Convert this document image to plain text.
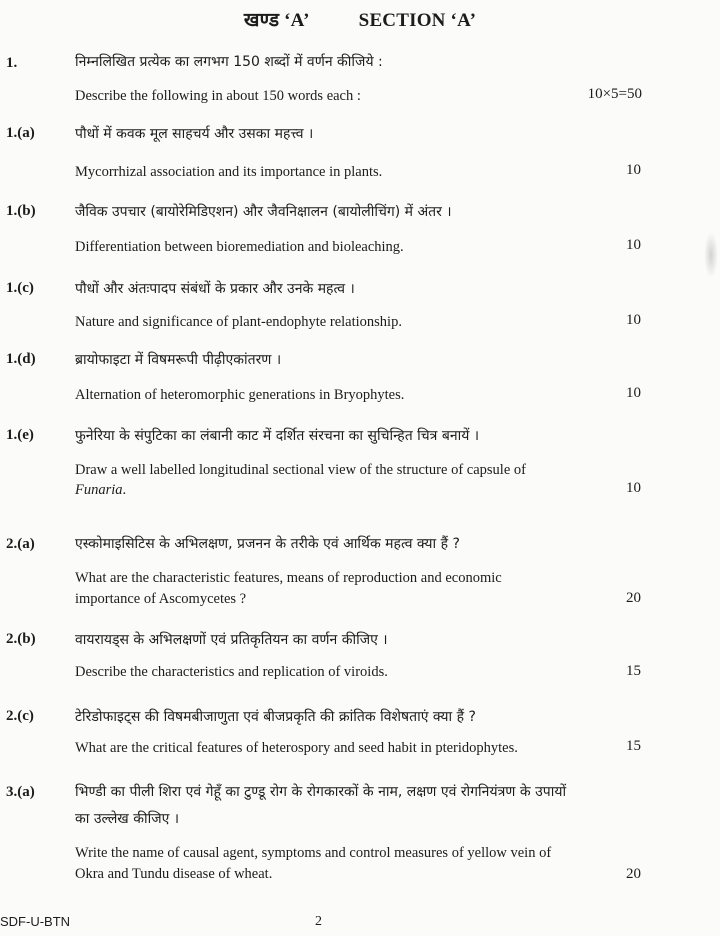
खण्ड ‘A’	SECTION ‘A’
1.	निम्नलिखित प्रत्येक का लगभग 150 शब्दों में वर्णन कीजिये :
Describe the following in about 150 words each :	10×5=50
1.(a)	पौधों में कवक मूल साहचर्य और उसका महत्त्व ।
Mycorrhizal association and its importance in plants.	10
1.(b)	जैविक उपचार (बायोरेमिडिएशन) और जैवनिक्षालन (बायोलीचिंग) में अंतर ।
Differentiation between bioremediation and bioleaching.	10
1.(c)	पौधों और अंतःपादप संबंधों के प्रकार और उनके महत्व ।
Nature and significance of plant-endophyte relationship.	10
1.(d)	ब्रायोफाइटा में विषमरूपी पीढ़ीएकांतरण ।
Alternation of heteromorphic generations in Bryophytes.	10
1.(e)	फुनेरिया के संपुटिका का लंबानी काट में दर्शित संरचना का सुचिन्हित चित्र बनायें ।
Draw a well labelled longitudinal sectional view of the structure of capsule of
Funaria.	10
2.(a)	एस्कोमाइसिटिस के अभिलक्षण, प्रजनन के तरीके एवं आर्थिक महत्व क्या हैं ?
What are the characteristic features, means of reproduction and economic
importance of Ascomycetes ?	20
2.(b)	वायरायड्स के अभिलक्षणों एवं प्रतिकृतियन का वर्णन कीजिए ।
Describe the characteristics and replication of viroids.	15
2.(c)	टेरिडोफाइट्स की विषमबीजाणुता एवं बीजप्रकृति की क्रांतिक विशेषताएं क्या हैं ?
What are the critical features of heterospory and seed habit in pteridophytes.	15
3.(a)	भिण्डी का पीली शिरा एवं गेहूँ का टुण्डू रोग के रोगकारकों के नाम, लक्षण एवं रोगनियंत्रण के उपायों
का उल्लेख कीजिए ।
Write the name of causal agent, symptoms and control measures of yellow vein of
Okra and Tundu disease of wheat.	20
SDF-U-BTN	2
